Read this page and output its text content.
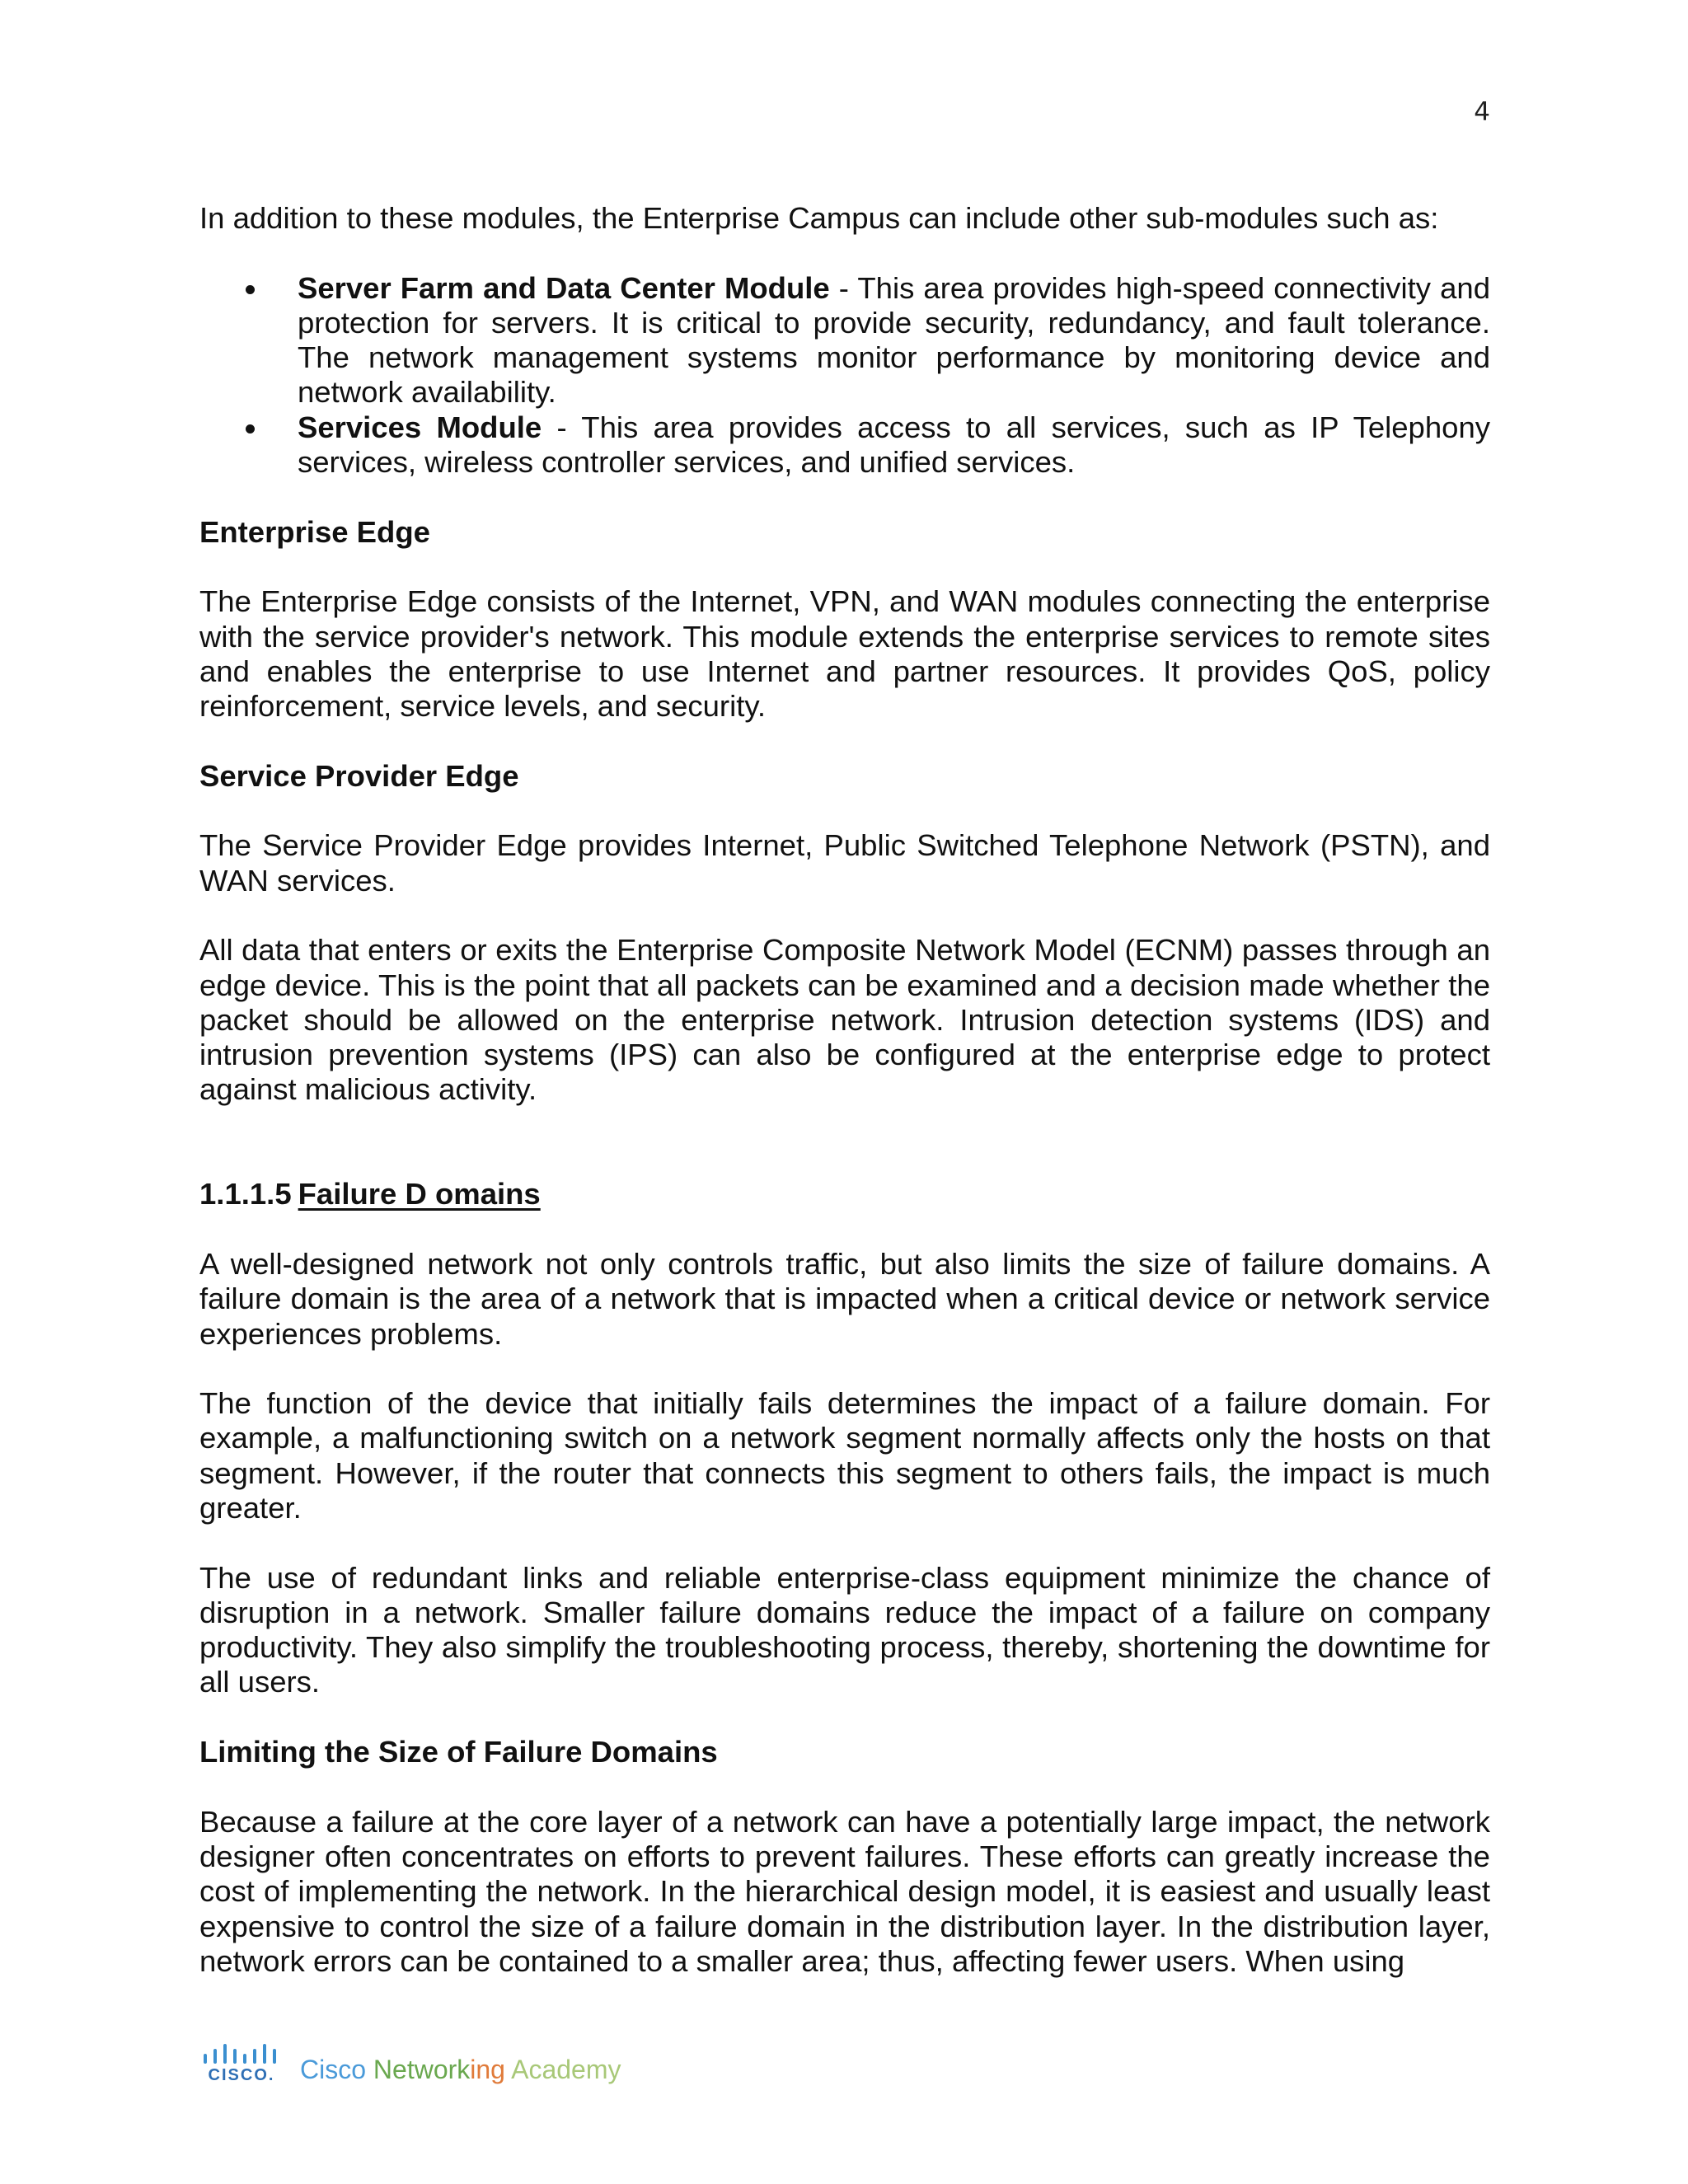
4

In addition to these modules, the Enterprise Campus can include other sub-modules such as:

Server Farm and Data Center Module - This area provides high-speed connectivity and protection for servers. It is critical to provide security, redundancy, and fault tolerance. The network management systems monitor performance by monitoring device and network availability.
Services Module - This area provides access to all services, such as IP Telephony services, wireless controller services, and unified services.

Enterprise Edge

The Enterprise Edge consists of the Internet, VPN, and WAN modules connecting the enterprise with the service provider's network. This module extends the enterprise services to remote sites and enables the enterprise to use Internet and partner resources. It provides QoS, policy reinforcement, service levels, and security.

Service Provider Edge

The Service Provider Edge provides Internet, Public Switched Telephone Network (PSTN), and WAN services.

All data that enters or exits the Enterprise Composite Network Model (ECNM) passes through an edge device. This is the point that all packets can be examined and a decision made whether the packet should be allowed on the enterprise network. Intrusion detection systems (IDS) and intrusion prevention systems (IPS) can also be configured at the enterprise edge to protect against malicious activity.

1.1.1.5 Failure D omains

A well-designed network not only controls traffic, but also limits the size of failure domains. A failure domain is the area of a network that is impacted when a critical device or network service experiences problems.

The function of the device that initially fails determines the impact of a failure domain. For example, a malfunctioning switch on a network segment normally affects only the hosts on that segment. However, if the router that connects this segment to others fails, the impact is much greater.

The use of redundant links and reliable enterprise-class equipment minimize the chance of disruption in a network. Smaller failure domains reduce the impact of a failure on company productivity. They also simplify the troubleshooting process, thereby, shortening the downtime for all users.

Limiting the Size of Failure Domains

Because a failure at the core layer of a network can have a potentially large impact, the network designer often concentrates on efforts to prevent failures. These efforts can greatly increase the cost of implementing the network. In the hierarchical design model, it is easiest and usually least expensive to control the size of a failure domain in the distribution layer. In the distribution layer, network errors can be contained to a smaller area; thus, affecting fewer users. When using

CISCO. Cisco Networking Academy
